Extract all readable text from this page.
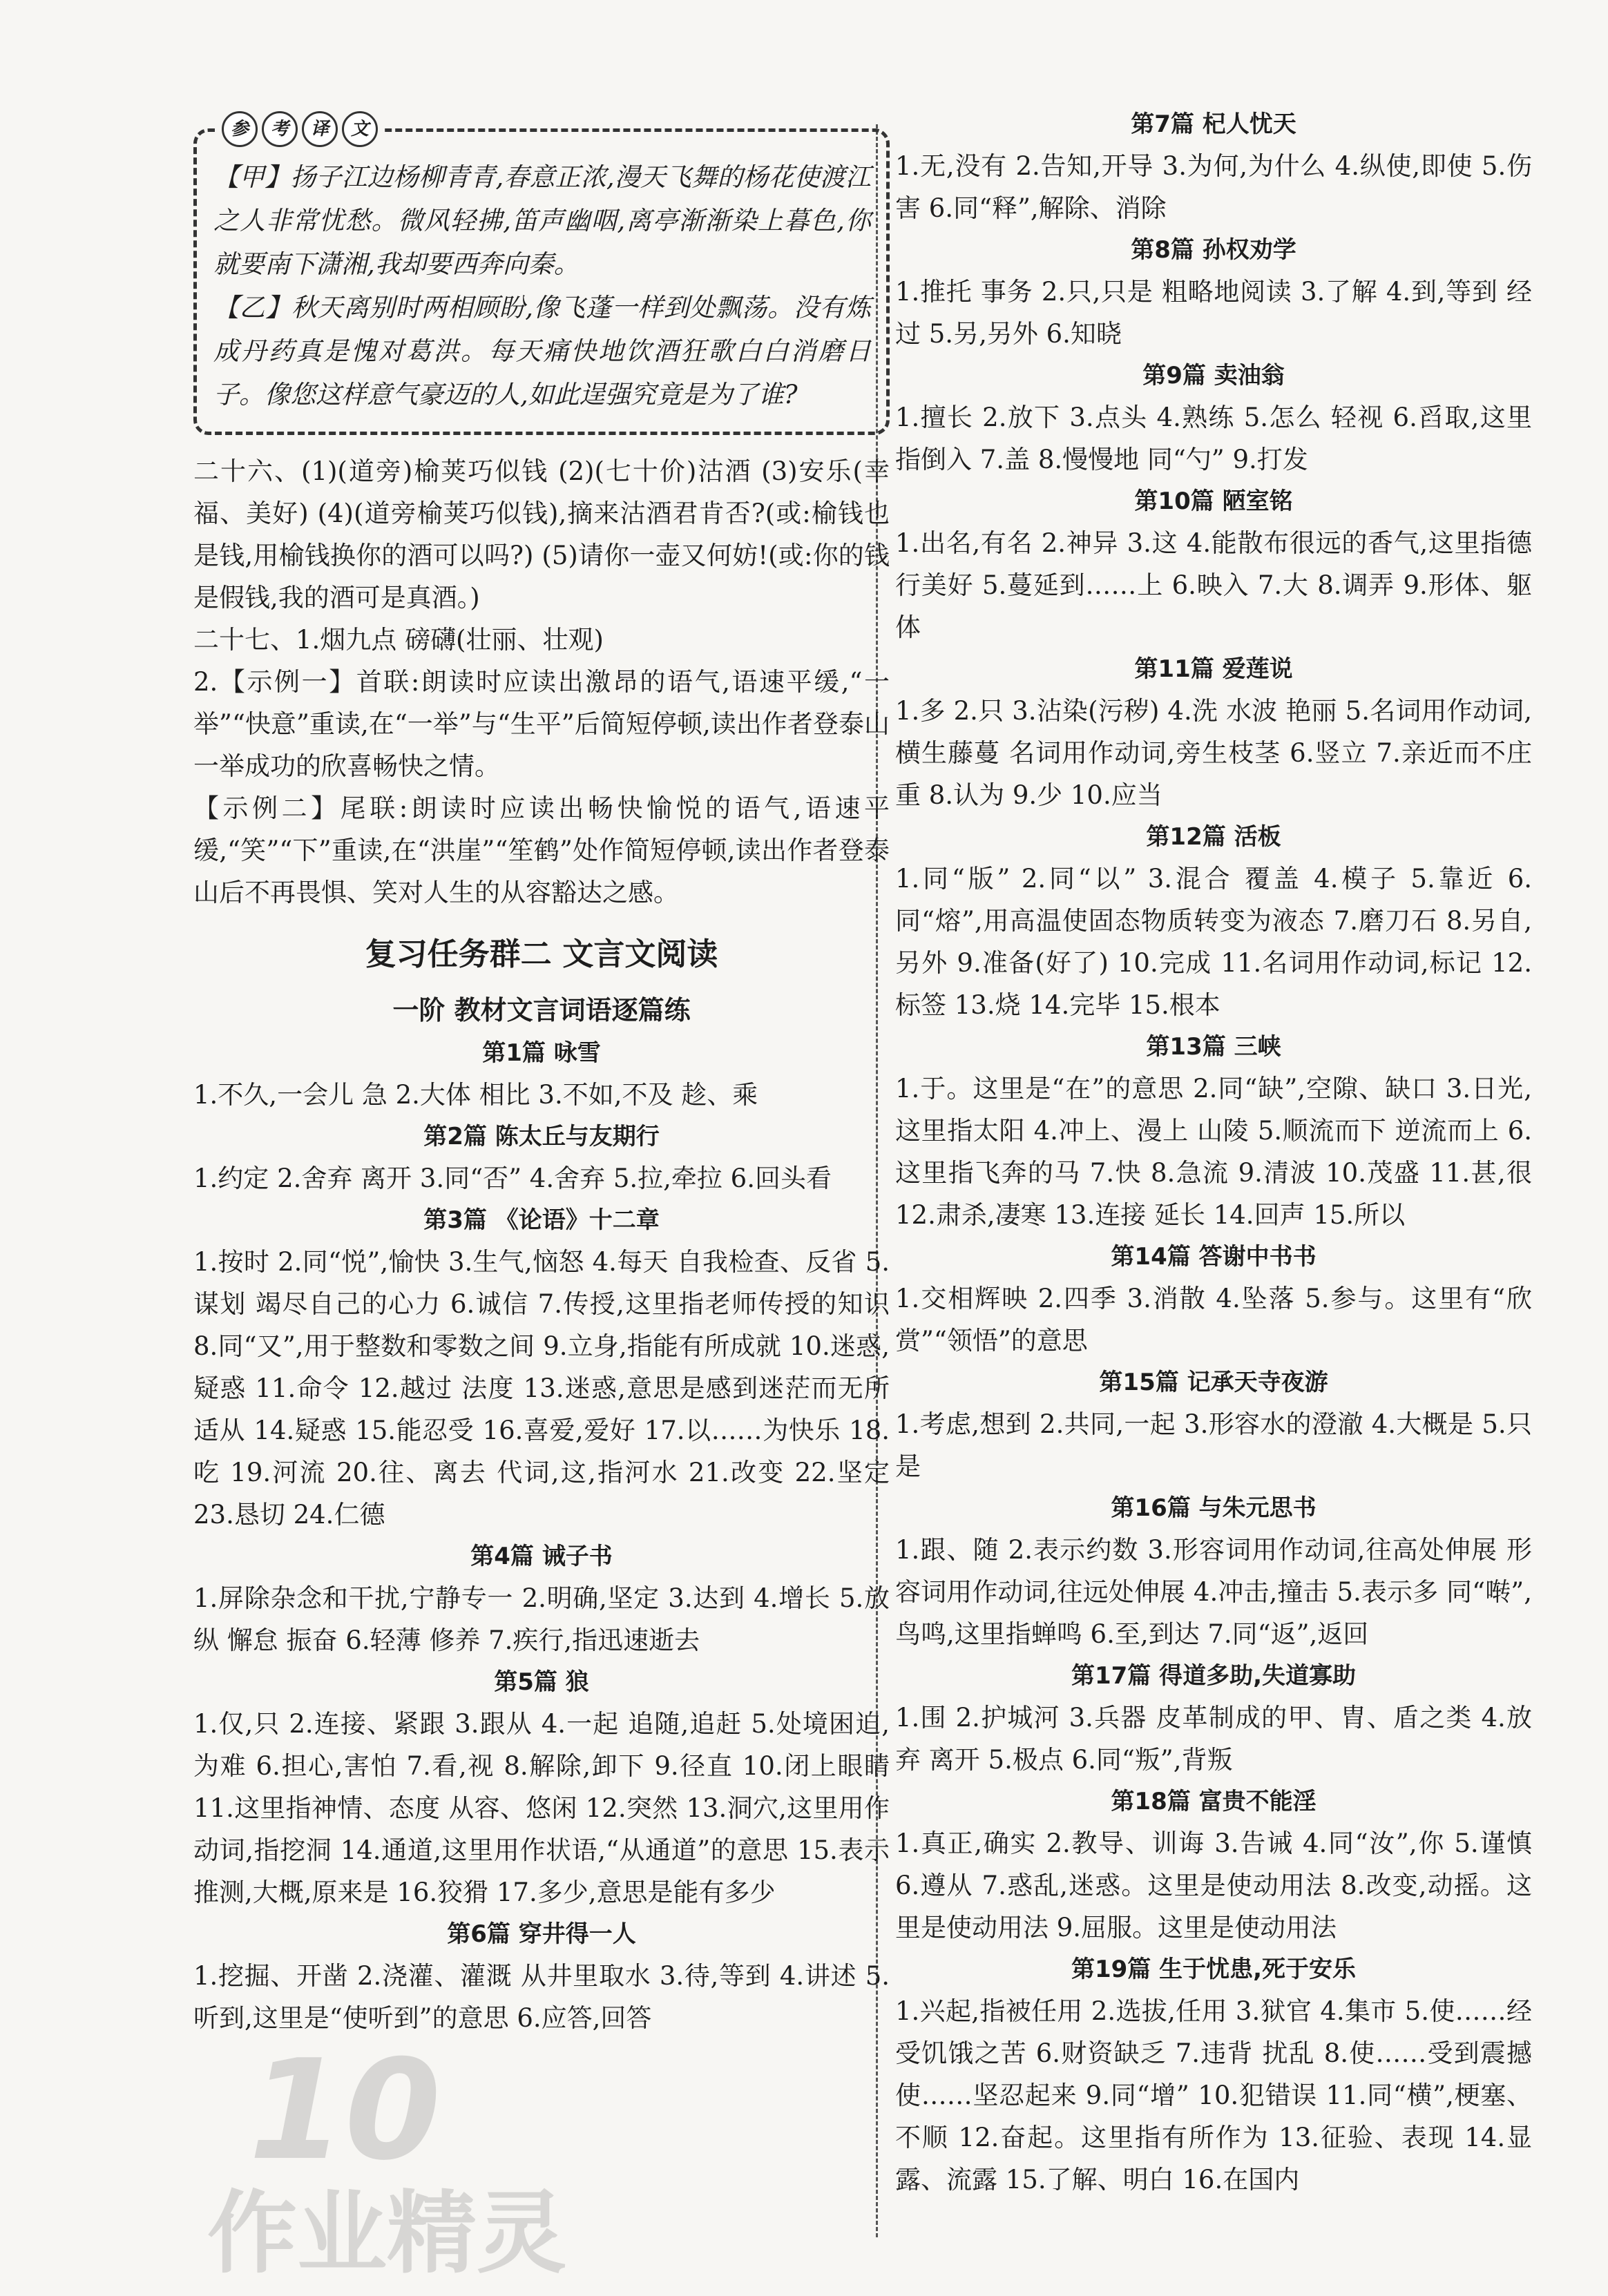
参	考	译	文

【甲】扬子江边杨柳青青,春意正浓,漫天飞舞的杨花使渡江之人非常忧愁。微风轻拂,笛声幽咽,离亭渐渐染上暮色,你就要南下潇湘,我却要西奔向秦。

【乙】秋天离别时两相顾盼,像飞蓬一样到处飘荡。没有炼成丹药真是愧对葛洪。每天痛快地饮酒狂歌白白消磨日子。像您这样意气豪迈的人,如此逞强究竟是为了谁?

二十六、(1)(道旁)榆荚巧似钱 (2)(七十价)沽酒 (3)安乐(幸福、美好) (4)(道旁榆荚巧似钱),摘来沽酒君肯否?(或:榆钱也是钱,用榆钱换你的酒可以吗?) (5)请你一壶又何妨!(或:你的钱是假钱,我的酒可是真酒。)

二十七、1.烟九点 磅礴(壮丽、壮观)

2.【示例一】首联:朗读时应读出激昂的语气,语速平缓,“一举”“快意”重读,在“一举”与“生平”后简短停顿,读出作者登泰山一举成功的欣喜畅快之情。

【示例二】尾联:朗读时应读出畅快愉悦的语气,语速平缓,“笑”“下”重读,在“洪崖”“笙鹤”处作简短停顿,读出作者登泰山后不再畏惧、笑对人生的从容豁达之感。

复习任务群二 文言文阅读
一阶 教材文言词语逐篇练
第1篇 咏雪

1.不久,一会儿 急 2.大体 相比 3.不如,不及 趁、乘

第2篇 陈太丘与友期行

1.约定 2.舍弃 离开 3.同“否” 4.舍弃 5.拉,牵拉 6.回头看

第3篇 《论语》十二章

1.按时 2.同“悦”,愉快 3.生气,恼怒 4.每天 自我检查、反省 5.谋划 竭尽自己的心力 6.诚信 7.传授,这里指老师传授的知识 8.同“又”,用于整数和零数之间 9.立身,指能有所成就 10.迷惑,疑惑 11.命令 12.越过 法度 13.迷惑,意思是感到迷茫而无所适从 14.疑惑 15.能忍受 16.喜爱,爱好 17.以……为快乐 18.吃 19.河流 20.往、离去 代词,这,指河水 21.改变 22.坚定 23.恳切 24.仁德

第4篇 诫子书

1.屏除杂念和干扰,宁静专一 2.明确,坚定 3.达到 4.增长 5.放纵 懈怠 振奋 6.轻薄 修养 7.疾行,指迅速逝去

第5篇 狼

1.仅,只 2.连接、紧跟 3.跟从 4.一起 追随,追赶 5.处境困迫,为难 6.担心,害怕 7.看,视 8.解除,卸下 9.径直 10.闭上眼睛 11.这里指神情、态度 从容、悠闲 12.突然 13.洞穴,这里用作动词,指挖洞 14.通道,这里用作状语,“从通道”的意思 15.表示推测,大概,原来是 16.狡猾 17.多少,意思是能有多少

第6篇 穿井得一人

1.挖掘、开凿 2.浇灌、灌溉 从井里取水 3.待,等到 4.讲述 5.听到,这里是“使听到”的意思 6.应答,回答

第7篇 杞人忧天

1.无,没有 2.告知,开导 3.为何,为什么 4.纵使,即使 5.伤害 6.同“释”,解除、消除

第8篇 孙权劝学

1.推托 事务 2.只,只是 粗略地阅读 3.了解 4.到,等到 经过 5.另,另外 6.知晓

第9篇 卖油翁

1.擅长 2.放下 3.点头 4.熟练 5.怎么 轻视 6.舀取,这里指倒入 7.盖 8.慢慢地 同“勺” 9.打发

第10篇 陋室铭

1.出名,有名 2.神异 3.这 4.能散布很远的香气,这里指德行美好 5.蔓延到……上 6.映入 7.大 8.调弄 9.形体、躯体

第11篇 爱莲说

1.多 2.只 3.沾染(污秽) 4.洗 水波 艳丽 5.名词用作动词,横生藤蔓 名词用作动词,旁生枝茎 6.竖立 7.亲近而不庄重 8.认为 9.少 10.应当

第12篇 活板

1.同“版” 2.同“以” 3.混合 覆盖 4.模子 5.靠近 6.同“熔”,用高温使固态物质转变为液态 7.磨刀石 8.另自,另外 9.准备(好了) 10.完成 11.名词用作动词,标记 12.标签 13.烧 14.完毕 15.根本

第13篇 三峡

1.于。这里是“在”的意思 2.同“缺”,空隙、缺口 3.日光,这里指太阳 4.冲上、漫上 山陵 5.顺流而下 逆流而上 6.这里指飞奔的马 7.快 8.急流 9.清波 10.茂盛 11.甚,很 12.肃杀,凄寒 13.连接 延长 14.回声 15.所以

第14篇 答谢中书书

1.交相辉映 2.四季 3.消散 4.坠落 5.参与。这里有“欣赏”“领悟”的意思

第15篇 记承天寺夜游

1.考虑,想到 2.共同,一起 3.形容水的澄澈 4.大概是 5.只是

第16篇 与朱元思书

1.跟、随 2.表示约数 3.形容词用作动词,往高处伸展 形容词用作动词,往远处伸展 4.冲击,撞击 5.表示多 同“啭”,鸟鸣,这里指蝉鸣 6.至,到达 7.同“返”,返回

第17篇 得道多助,失道寡助

1.围 2.护城河 3.兵器 皮革制成的甲、胄、盾之类 4.放弃 离开 5.极点 6.同“叛”,背叛

第18篇 富贵不能淫

1.真正,确实 2.教导、训诲 3.告诫 4.同“汝”,你 5.谨慎 6.遵从 7.惑乱,迷惑。这里是使动用法 8.改变,动摇。这里是使动用法 9.屈服。这里是使动用法

第19篇 生于忧患,死于安乐

1.兴起,指被任用 2.选拔,任用 3.狱官 4.集市 5.使……经受饥饿之苦 6.财资缺乏 7.违背 扰乱 8.使……受到震撼 使……坚忍起来 9.同“增” 10.犯错误 11.同“横”,梗塞、不顺 12.奋起。这里指有所作为 13.征验、表现 14.显露、流露 15.了解、明白 16.在国内

10
作业精灵
